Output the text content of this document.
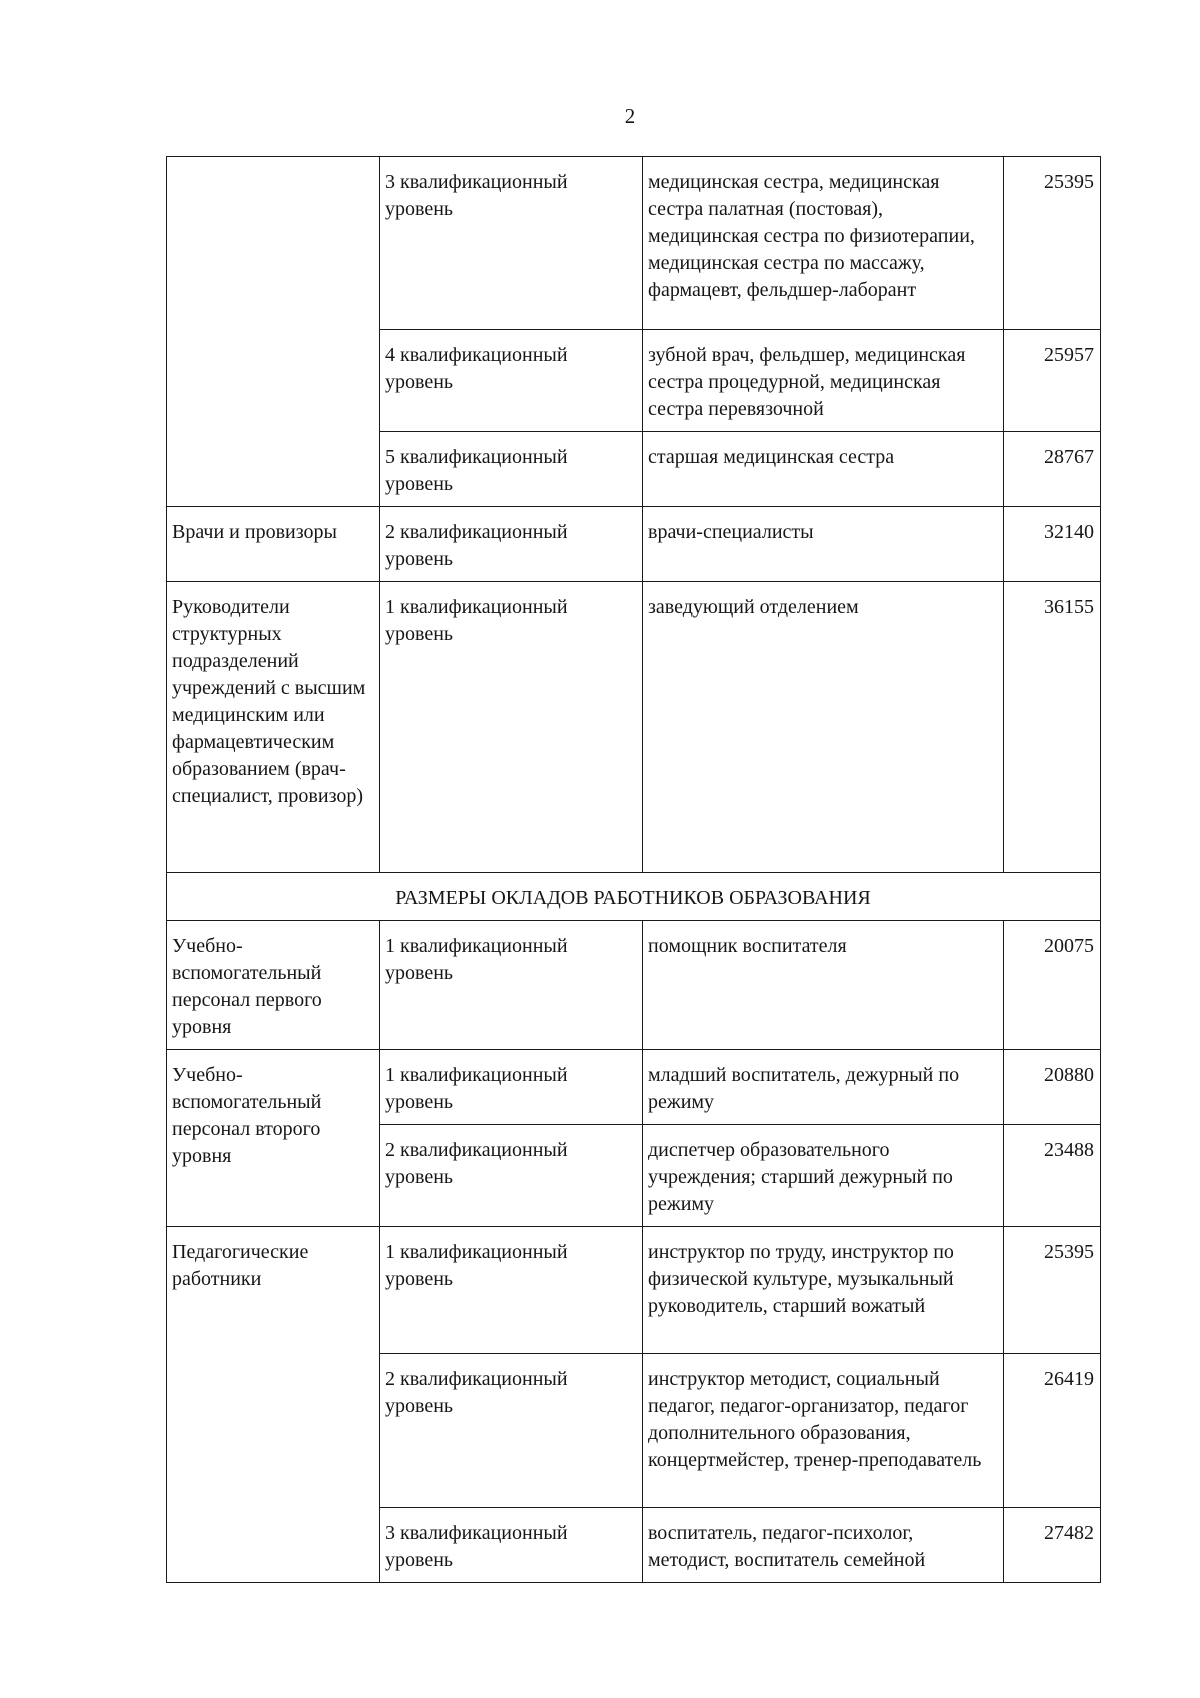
2
	3 квалификационный уровень	медицинская сестра, медицинская сестра палатная (постовая), медицинская сестра по физиотерапии, медицинская сестра по массажу, фармацевт, фельдшер-лаборант	25395
	4 квалификационный уровень	зубной врач, фельдшер, медицинская сестра процедурной, медицинская сестра перевязочной	25957
	5 квалификационный уровень	старшая медицинская сестра	28767
Врачи и провизоры	2 квалификационный уровень	врачи-специалисты	32140
Руководители структурных подразделений учреждений с высшим медицинским или фармацевтическим образованием (врач-специалист, провизор)	1 квалификационный уровень	заведующий отделением	36155
РАЗМЕРЫ ОКЛАДОВ РАБОТНИКОВ ОБРАЗОВАНИЯ			
Учебно-вспомогательный персонал первого уровня	1 квалификационный уровень	помощник воспитателя	20075
Учебно-вспомогательный персонал второго уровня	1 квалификационный уровень	младший воспитатель, дежурный по режиму	20880
	2 квалификационный уровень	диспетчер образовательного учреждения; старший дежурный по режиму	23488
Педагогические работники	1 квалификационный уровень	инструктор по труду, инструктор по физической культуре, музыкальный руководитель, старший вожатый	25395
	2 квалификационный уровень	инструктор методист, социальный педагог, педагог-организатор, педагог дополнительного образования, концертмейстер, тренер-преподаватель	26419
	3 квалификационный уровень	воспитатель, педагог-психолог, методист, воспитатель семейной	27482
